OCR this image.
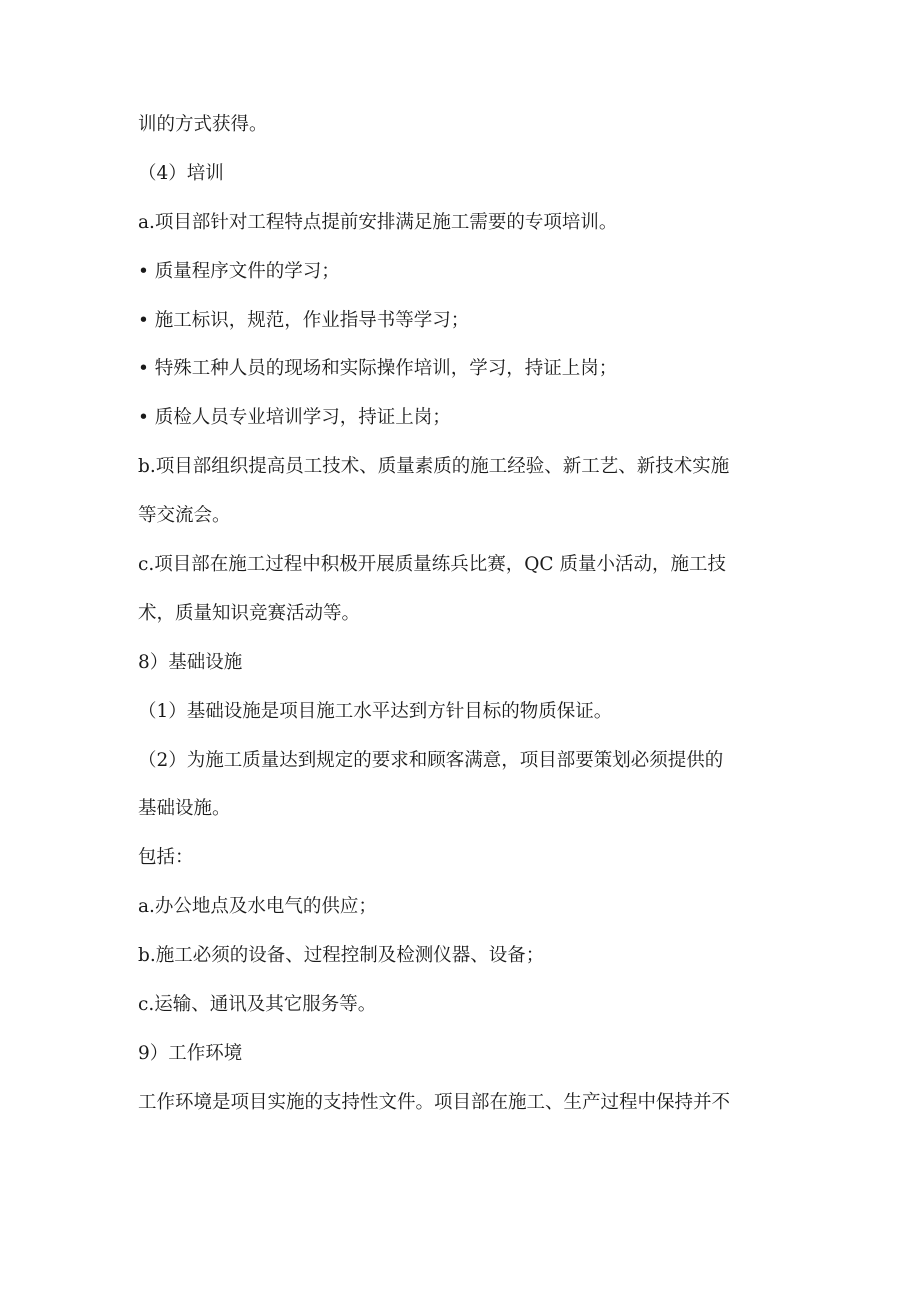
训的方式获得。
（4）培训
a.项目部针对工程特点提前安排满足施工需要的专项培训。
• 质量程序文件的学习；
• 施工标识，规范，作业指导书等学习；
• 特殊工种人员的现场和实际操作培训，学习，持证上岗；
• 质检人员专业培训学习，持证上岗；
b.项目部组织提高员工技术、质量素质的施工经验、新工艺、新技术实施
等交流会。
c.项目部在施工过程中积极开展质量练兵比赛，QC 质量小活动，施工技
术，质量知识竞赛活动等。
8）基础设施
（1）基础设施是项目施工水平达到方针目标的物质保证。
（2）为施工质量达到规定的要求和顾客满意，项目部要策划必须提供的
基础设施。
包括：
a.办公地点及水电气的供应；
b.施工必须的设备、过程控制及检测仪器、设备；
c.运输、通讯及其它服务等。
9）工作环境
工作环境是项目实施的支持性文件。项目部在施工、生产过程中保持并不
